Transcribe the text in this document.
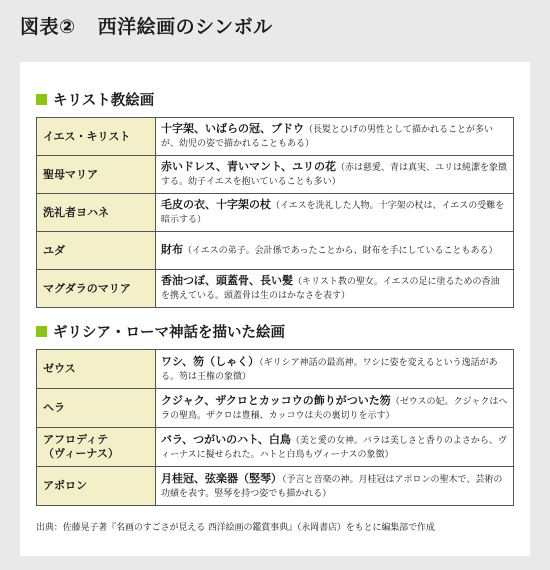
図表② 西洋絵画のシンボル
キリスト教絵画
イエス・キリスト	十字架、いばらの冠、ブドウ（長髪とひげの男性として描かれることが多いが、幼児の姿で描かれることもある）
聖母マリア	赤いドレス、青いマント、ユリの花（赤は慈愛、青は真実、ユリは純潔を象徴する。幼子イエスを抱いていることも多い）
洗礼者ヨハネ	毛皮の衣、十字架の杖（イエスを洗礼した人物。十字架の杖は、イエスの受難を暗示する）
ユダ	財布（イエスの弟子。会計係であったことから、財布を手にしていることもある）
マグダラのマリア	香油つぼ、頭蓋骨、長い髪（キリスト教の聖女。イエスの足に塗るための香油を携えている。頭蓋骨は生のはかなさを表す）
ギリシア・ローマ神話を描いた絵画
ゼウス	ワシ、笏（しゃく）（ギリシア神話の最高神。ワシに姿を変えるという逸話がある。笏は王権の象徴）
ヘラ	クジャク、ザクロとカッコウの飾りがついた笏（ゼウスの妃。クジャクはヘラの聖鳥。ザクロは豊穣、カッコウは夫の裏切りを示す）

アフロディテ
（ヴィーナス）	バラ、つがいのハト、白鳥（美と愛の女神。バラは美しさと香りのよさから、ヴィーナスに擬せられた。ハトと白鳥もヴィーナスの象徴）
アポロン	月桂冠、弦楽器（竪琴）（予言と音楽の神。月桂冠はアポロンの聖木で、芸術の功績を表す。竪琴を持つ姿でも描かれる）
出典：佐藤晃子著『名画のすごさが見える 西洋絵画の鑑賞事典』（永岡書店）をもとに編集部で作成
